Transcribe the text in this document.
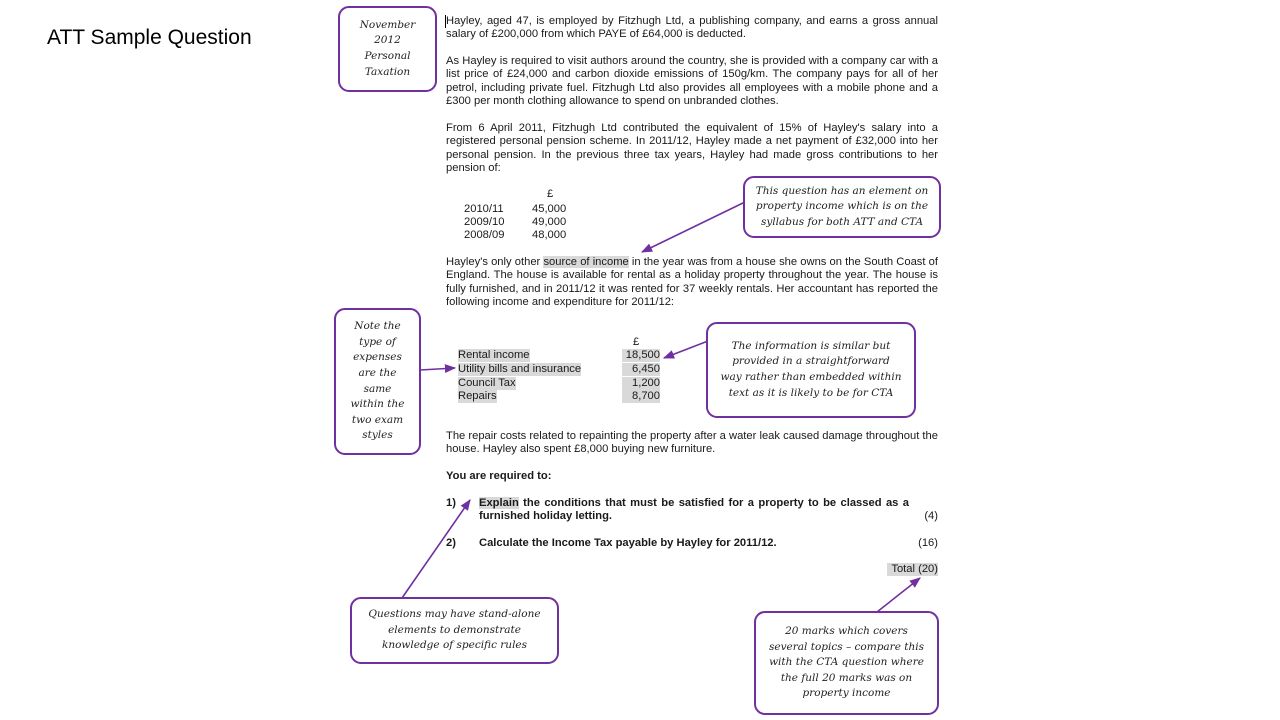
ATT Sample Question

Hayley, aged 47, is employed by Fitzhugh Ltd, a publishing company, and earns a gross annual salary of £200,000 from which PAYE of £64,000 is deducted.

As Hayley is required to visit authors around the country, she is provided with a company car with a list price of £24,000 and carbon dioxide emissions of 150g/km. The company pays for all of her petrol, including private fuel. Fitzhugh Ltd also provides all employees with a mobile phone and a £300 per month clothing allowance to spend on unbranded clothes.

From 6 April 2011, Fitzhugh Ltd contributed the equivalent of 15% of Hayley's salary into a registered personal pension scheme. In 2011/12, Hayley made a net payment of £32,000 into her personal pension. In the previous three tax years, Hayley had made gross contributions to her pension of:

£
2010/11	45,000
2009/10 49,000
2008/09 48,000

Hayley's only other source of income in the year was from a house she owns on the South Coast of England. The house is available for rental as a holiday property throughout the year. The house is fully furnished, and in 2011/12 it was rented for 37 weekly rentals. Her accountant has reported the following income and expenditure for 2011/12:

£
Rental income	18,500
Utility bills and insurance	6,450
Council Tax	1,200
Repairs	8,700

The repair costs related to repainting the property after a water leak caused damage throughout the house. Hayley also spent £8,000 buying new furniture.

You are required to:
1) Explain the conditions that must be satisfied for a property to be classed as a furnished holiday letting.	(4)
2) Calculate the Income Tax payable by Hayley for 2011/12.	(16)
Total (20)
November 2012 Personal Taxation
This question has an element on property income which is on the syllabus for both ATT and CTA
Note the type of expenses are the same within the two exam styles
The information is similar but provided in a straightforward way rather than embedded within text as it is likely to be for CTA
Questions may have stand-alone elements to demonstrate knowledge of specific rules
20 marks which covers several topics – compare this with the CTA question where the full 20 marks was on property income
